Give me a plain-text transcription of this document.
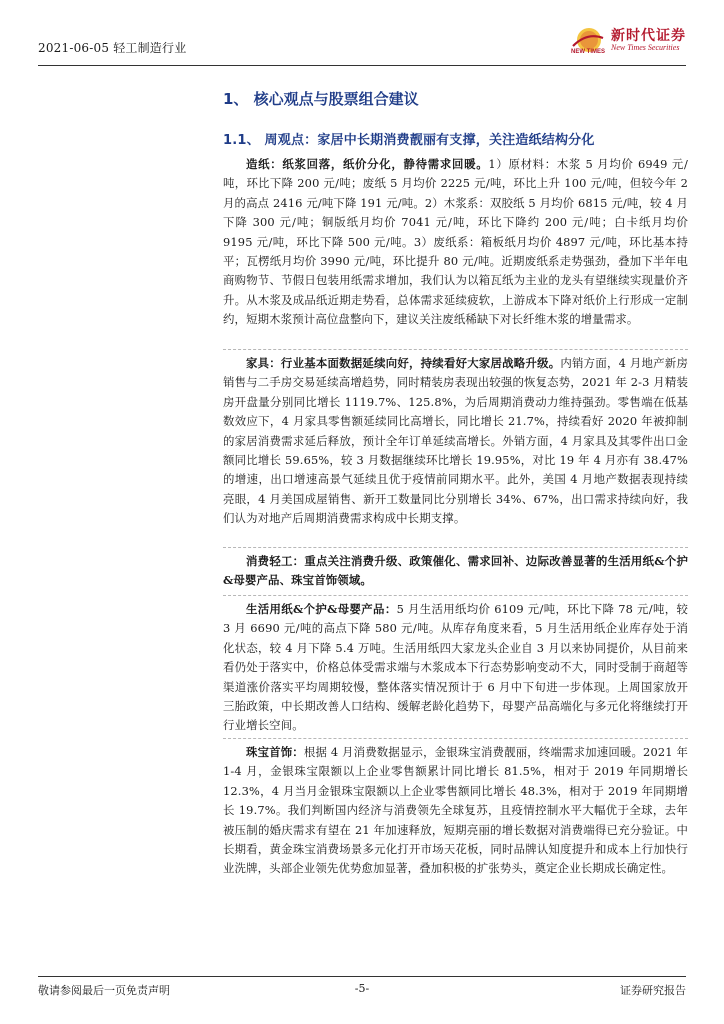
2021-06-05 轻工制造行业	NEW TIMES
新时代证券
New Times Securities
1、 核心观点与股票组合建议
1.1、 周观点：家居中长期消费靓丽有支撑，关注造纸结构分化

造纸：纸浆回落，纸价分化，静待需求回暖。1）原材料：木浆 5 月均价 6949 元/吨，环比下降 200 元/吨；废纸 5 月均价 2225 元/吨，环比上升 100 元/吨，但较今年 2 月的高点 2416 元/吨下降 191 元/吨。2）木浆系：双胶纸 5 月均价 6815 元/吨，较 4 月下降 300 元/吨；铜版纸月均价 7041 元/吨，环比下降约 200 元/吨；白卡纸月均价 9195 元/吨，环比下降 500 元/吨。3）废纸系：箱板纸月均价 4897 元/吨，环比基本持平；瓦楞纸月均价 3990 元/吨，环比提升 80 元/吨。近期废纸系走势强劲，叠加下半年电商购物节、节假日包装用纸需求增加，我们认为以箱瓦纸为主业的龙头有望继续实现量价齐升。从木浆及成品纸近期走势看，总体需求延续疲软，上游成本下降对纸价上行形成一定制约，短期木浆预计高位盘整向下，建议关注废纸稀缺下对长纤维木浆的增量需求。

家具：行业基本面数据延续向好，持续看好大家居战略升级。内销方面，4 月地产新房销售与二手房交易延续高增趋势，同时精装房表现出较强的恢复态势，2021 年 2-3 月精装房开盘量分别同比增长 1119.7%、125.8%，为后周期消费动力维持强劲。零售端在低基数效应下，4 月家具零售额延续同比高增长，同比增长 21.7%，持续看好 2020 年被抑制的家居消费需求延后释放，预计全年订单延续高增长。外销方面，4 月家具及其零件出口金额同比增长 59.65%，较 3 月数据继续环比增长 19.95%，对比 19 年 4 月亦有 38.47%的增速，出口增速高景气延续且优于疫情前同期水平。此外，美国 4 月地产数据表现持续亮眼，4 月美国成屋销售、新开工数量同比分别增长 34%、67%，出口需求持续向好，我们认为对地产后周期消费需求构成中长期支撑。

消费轻工：重点关注消费升级、政策催化、需求回补、边际改善显著的生活用纸&个护&母婴产品、珠宝首饰领域。

生活用纸&个护&母婴产品：5 月生活用纸均价 6109 元/吨，环比下降 78 元/吨，较 3 月 6690 元/吨的高点下降 580 元/吨。从库存角度来看，5 月生活用纸企业库存处于消化状态，较 4 月下降 5.4 万吨。生活用纸四大家龙头企业自 3 月以来协同提价，从目前来看仍处于落实中，价格总体受需求端与木浆成本下行态势影响变动不大，同时受制于商超等渠道涨价落实平均周期较慢，整体落实情况预计于 6 月中下旬进一步体现。上周国家放开三胎政策，中长期改善人口结构、缓解老龄化趋势下，母婴产品高端化与多元化将继续打开行业增长空间。

珠宝首饰：根据 4 月消费数据显示，金银珠宝消费靓丽，终端需求加速回暖。2021 年 1-4 月，金银珠宝限额以上企业零售额累计同比增长 81.5%，相对于 2019 年同期增长 12.3%，4 月当月金银珠宝限额以上企业零售额同比增长 48.3%，相对于 2019 年同期增长 19.7%。我们判断国内经济与消费领先全球复苏，且疫情控制水平大幅优于全球，去年被压制的婚庆需求有望在 21 年加速释放，短期亮丽的增长数据对消费端得已充分验证。中长期看，黄金珠宝消费场景多元化打开市场天花板，同时品牌认知度提升和成本上行加快行业洗牌，头部企业领先优势愈加显著，叠加积极的扩张势头，奠定企业长期成长确定性。

敬请参阅最后一页免责声明	-5-	证券研究报告
